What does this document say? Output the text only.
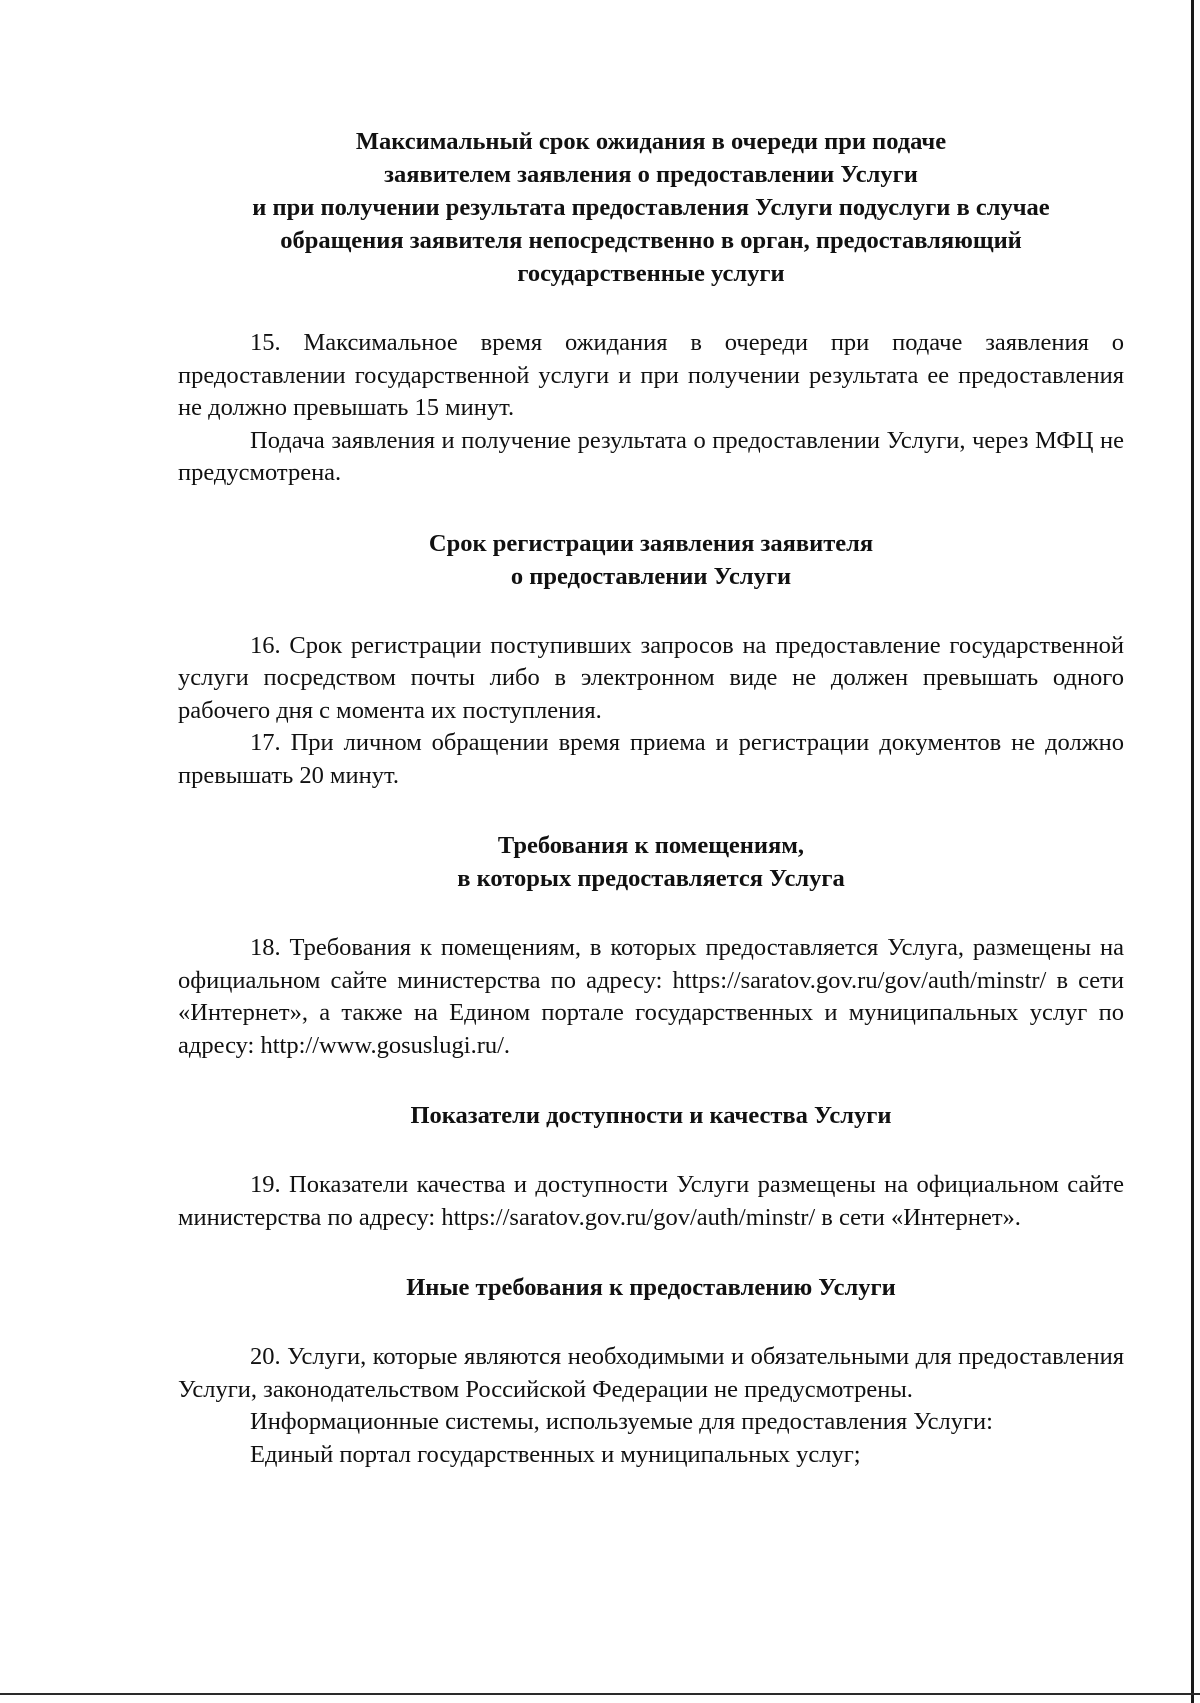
Максимальный срок ожидания в очереди при подаче
заявителем заявления о предоставлении Услуги
и при получении результата предоставления Услуги подуслуги в случае
обращения заявителя непосредственно в орган, предоставляющий
государственные услуги

15. Максимальное время ожидания в очереди при подаче заявления о предоставлении государственной услуги и при получении результата ее предоставления не должно превышать 15 минут.

Подача заявления и получение результата о предоставлении Услуги, через МФЦ не предусмотрена.

Срок регистрации заявления заявителя
о предоставлении Услуги

16. Срок регистрации поступивших запросов на предоставление государственной услуги посредством почты либо в электронном виде не должен превышать одного рабочего дня с момента их поступления.

17. При личном обращении время приема и регистрации документов не должно превышать 20 минут.

Требования к помещениям,
в которых предоставляется Услуга

18. Требования к помещениям, в которых предоставляется Услуга, размещены на официальном сайте министерства по адресу: https://saratov.gov.ru/gov/auth/minstr/ в сети «Интернет», а также на Едином портале государственных и муниципальных услуг по адресу: http://www.gosuslugi.ru/.

Показатели доступности и качества Услуги

19. Показатели качества и доступности Услуги размещены на официальном сайте министерства по адресу: https://saratov.gov.ru/gov/auth/minstr/ в сети «Интернет».

Иные требования к предоставлению Услуги

20. Услуги, которые являются необходимыми и обязательными для предоставления Услуги, законодательством Российской Федерации не предусмотрены.

Информационные системы, используемые для предоставления Услуги:

Единый портал государственных и муниципальных услуг;
